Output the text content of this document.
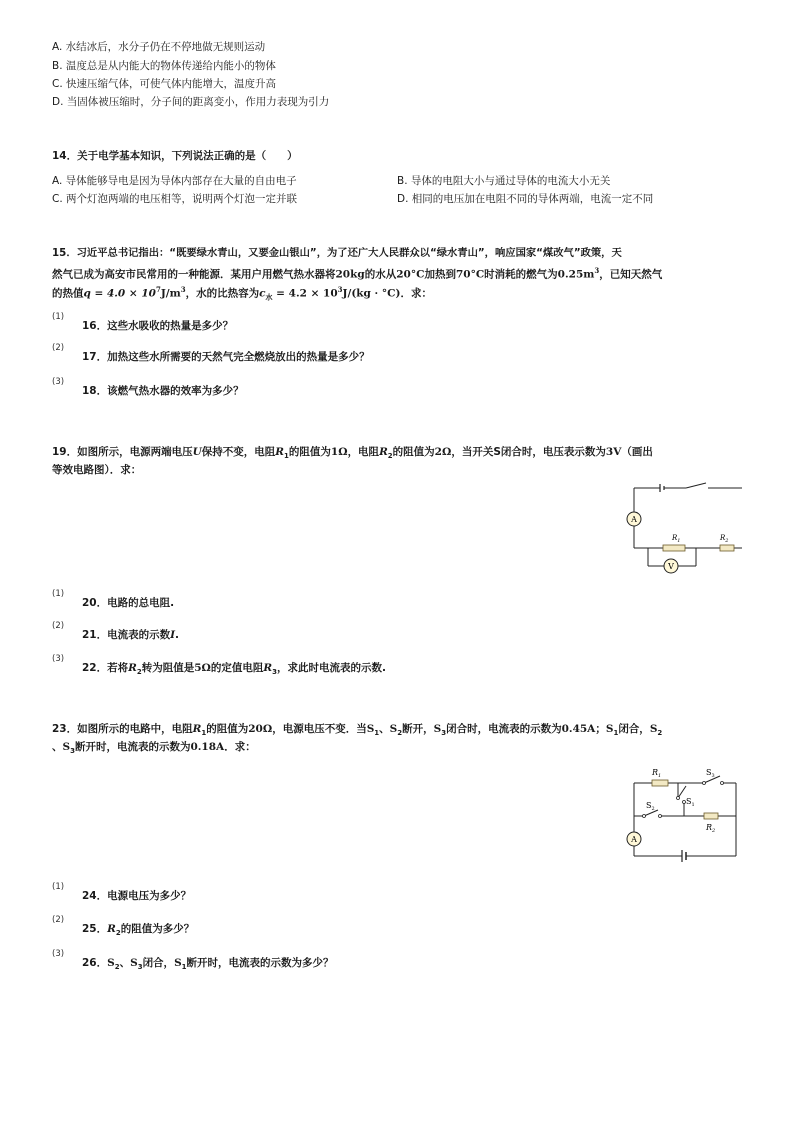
A. 水结冰后，水分子仍在不停地做无规则运动
B. 温度总是从内能大的物体传递给内能小的物体
C. 快速压缩气体，可使气体内能增大，温度升高
D. 当固体被压缩时，分子间的距离变小，作用力表现为引力
14．关于电学基本知识，下列说法正确的是（　　）
A. 导体能够导电是因为导体内部存在大量的自由电子	B. 导体的电阻大小与通过导体的电流大小无关
C. 两个灯泡两端的电压相等，说明两个灯泡一定并联	D. 相同的电压加在电阻不同的导体两端，电流一定不同
15．习近平总书记指出：“既要绿水青山，又要金山银山”，为了还广大人民群众以“绿水青山”，响应国家“煤改气”政策，天
然气已成为高安市民常用的一种能源．某用户用燃气热水器将20kg的水从20°C加热到70°C时消耗的燃气为$0.25m^3$，已知天然气
的热值$q = 4.0 \times 10^7J/m^3$，水的比热容为$c_水 = 4.2 \times 10^3J/(kg \cdot ^\circ C)$．求：
(1)
16．这些水吸收的热量是多少？
(2)
17．加热这些水所需要的天然气完全燃烧放出的热量是多少？
(3)
18．该燃气热水器的效率为多少？
19．如图所示，电源两端电压U保持不变，电阻$R_1$的阻值为1Ω，电阻$R_2$的阻值为2Ω，当开关S闭合时，电压表示数为3V（画出
等效电路图）．求：
A
$R_1$	$R_2$
V
(1)
20．电路的总电阻.
(2)
21．电流表的示数I.
(3)
22．若将$R_2$转为阻值是5Ω的定值电阻$R_3$，求此时电流表的示数.
23．如图所示的电路中，电阻$R_1$的阻值为20Ω，电源电压不变．当$S_1$、$S_2$断开，$S_3$闭合时，电流表的示数为0.45A；$S_1$闭合，$S_2$
、$S_3$断开时，电流表的示数为0.18A．求：
A
$R_1$	$S_3$
$S_1$
$S_2$
$R_2$
(1)
24．电源电压为多少？
(2)
25．$R_2$的阻值为多少？
(3)
26．$S_2$、$S_3$闭合，$S_1$断开时，电流表的示数为多少？
